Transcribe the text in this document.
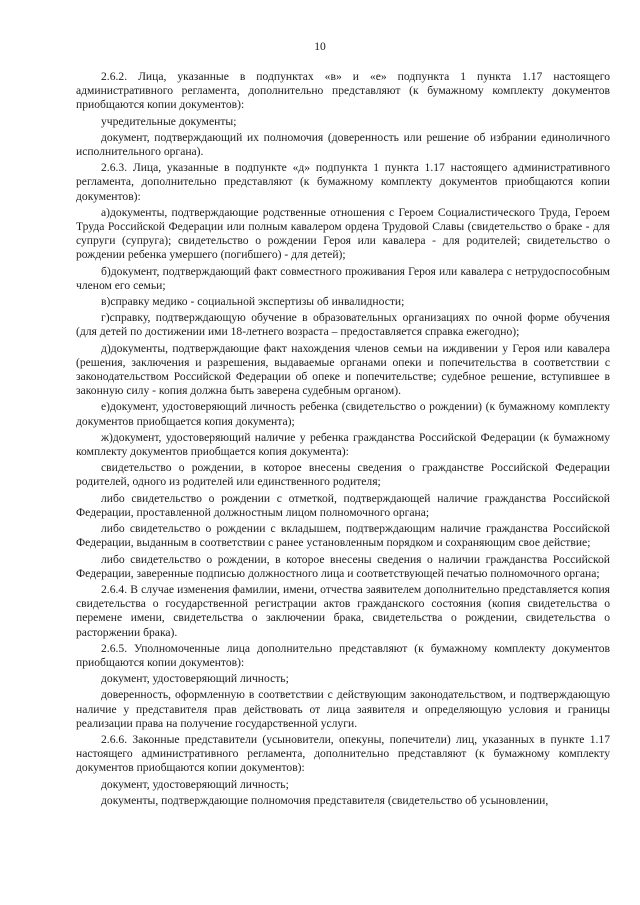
10

2.6.2. Лица, указанные в подпунктах «в» и «е» подпункта 1 пункта 1.17 настоящего административного регламента, дополнительно представляют (к бумажному комплекту документов приобщаются копии документов):

учредительные документы;

документ, подтверждающий их полномочия (доверенность или решение об избрании единоличного исполнительного органа).

2.6.3. Лица, указанные в подпункте «д» подпункта 1 пункта 1.17 настоящего административного регламента, дополнительно представляют (к бумажному комплекту документов приобщаются копии документов):

а)документы, подтверждающие родственные отношения с Героем Социалистического Труда, Героем Труда Российской Федерации или полным кавалером ордена Трудовой Славы (свидетельство о браке - для супруги (супруга); свидетельство о рождении Героя или кавалера - для родителей; свидетельство о рождении ребенка умершего (погибшего) - для детей);

б)документ, подтверждающий факт совместного проживания Героя или кавалера с нетрудоспособным членом его семьи;

в)справку медико - социальной экспертизы об инвалидности;

г)справку, подтверждающую обучение в образовательных организациях по очной форме обучения (для детей по достижении ими 18-летнего возраста – предоставляется справка ежегодно);

д)документы, подтверждающие факт нахождения членов семьи на иждивении у Героя или кавалера (решения, заключения и разрешения, выдаваемые органами опеки и попечительства в соответствии с законодательством Российской Федерации об опеке и попечительстве; судебное решение, вступившее в законную силу - копия должна быть заверена судебным органом).

е)документ, удостоверяющий личность ребенка (свидетельство о рождении) (к бумажному комплекту документов приобщается копия документа);

ж)документ, удостоверяющий наличие у ребенка гражданства Российской Федерации (к бумажному комплекту документов приобщается копия документа):

свидетельство о рождении, в которое внесены сведения о гражданстве Российской Федерации родителей, одного из родителей или единственного родителя;

либо свидетельство о рождении с отметкой, подтверждающей наличие гражданства Российской Федерации, проставленной должностным лицом полномочного органа;

либо свидетельство о рождении с вкладышем, подтверждающим наличие гражданства Российской Федерации, выданным в соответствии с ранее установленным порядком и сохраняющим свое действие;

либо свидетельство о рождении, в которое внесены сведения о наличии гражданства Российской Федерации, заверенные подписью должностного лица и соответствующей печатью полномочного органа;

2.6.4. В случае изменения фамилии, имени, отчества заявителем дополнительно представляется копия свидетельства о государственной регистрации актов гражданского состояния (копия свидетельства о перемене имени, свидетельства о заключении брака, свидетельства о рождении, свидетельства о расторжении брака).

2.6.5. Уполномоченные лица дополнительно представляют (к бумажному комплекту документов приобщаются копии документов):

документ, удостоверяющий личность;

доверенность, оформленную в соответствии с действующим законодательством, и подтверждающую наличие у представителя прав действовать от лица заявителя и определяющую условия и границы реализации права на получение государственной услуги.

2.6.6. Законные представители (усыновители, опекуны, попечители) лиц, указанных в пункте 1.17 настоящего административного регламента, дополнительно представляют (к бумажному комплекту документов приобщаются копии документов):

документ, удостоверяющий личность;

документы, подтверждающие полномочия представителя (свидетельство об усыновлении,
